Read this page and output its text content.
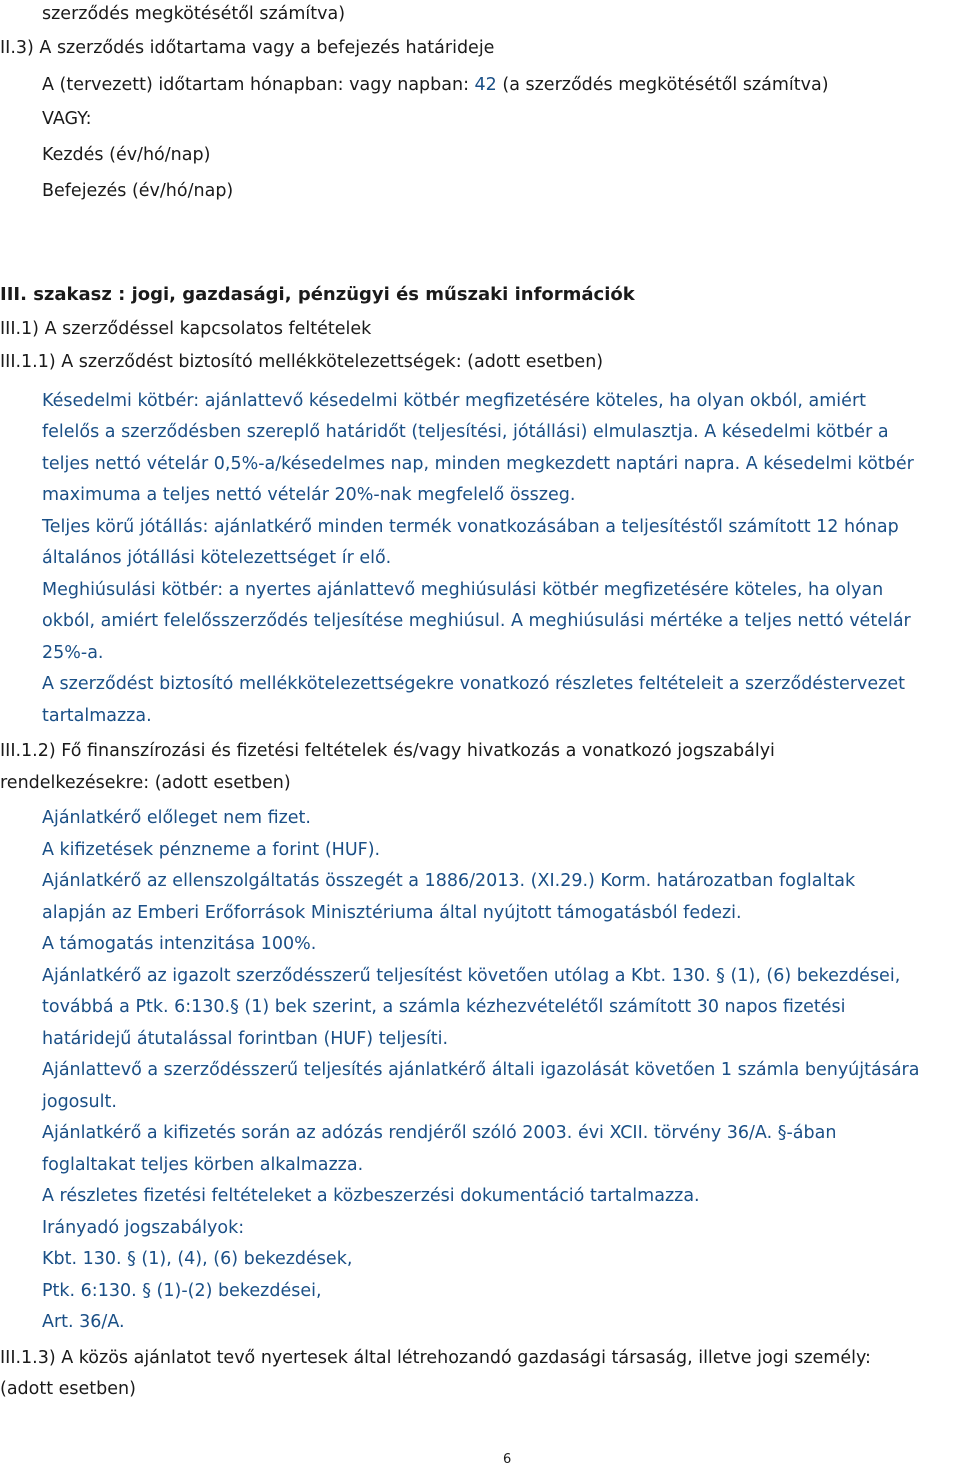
szerződés megkötésétől számítva)
II.3) A szerződés időtartama vagy a befejezés határideje
A (tervezett) időtartam hónapban: vagy napban: 42 (a szerződés megkötésétől számítva)
VAGY:
Kezdés (év/hó/nap)
Befejezés (év/hó/nap)
III. szakasz : jogi, gazdasági, pénzügyi és műszaki információk
III.1) A szerződéssel kapcsolatos feltételek
III.1.1) A szerződést biztosító mellékkötelezettségek: (adott esetben)
Késedelmi kötbér: ajánlattevő késedelmi kötbér megfizetésére köteles, ha olyan okból, amiért
felelős a szerződésben szereplő határidőt (teljesítési, jótállási) elmulasztja. A késedelmi kötbér a
teljes nettó vételár 0,5%-a/késedelmes nap, minden megkezdett naptári napra. A késedelmi kötbér
maximuma a teljes nettó vételár 20%-nak megfelelő összeg.
Teljes körű jótállás: ajánlatkérő minden termék vonatkozásában a teljesítéstől számított 12 hónap
általános jótállási kötelezettséget ír elő.
Meghiúsulási kötbér: a nyertes ajánlattevő meghiúsulási kötbér megfizetésére köteles, ha olyan
okból, amiért felelősszerződés teljesítése meghiúsul. A meghiúsulási mértéke a teljes nettó vételár
25%-a.
A szerződést biztosító mellékkötelezettségekre vonatkozó részletes feltételeit a szerződéstervezet
tartalmazza.
III.1.2) Fő finanszírozási és fizetési feltételek és/vagy hivatkozás a vonatkozó jogszabályi
rendelkezésekre: (adott esetben)
Ajánlatkérő előleget nem fizet.
A kifizetések pénzneme a forint (HUF).
Ajánlatkérő az ellenszolgáltatás összegét a 1886/2013. (XI.29.) Korm. határozatban foglaltak
alapján az Emberi Erőforrások Minisztériuma által nyújtott támogatásból fedezi.
A támogatás intenzitása 100%.
Ajánlatkérő az igazolt szerződésszerű teljesítést követően utólag a Kbt. 130. § (1), (6) bekezdései,
továbbá a Ptk. 6:130.§ (1) bek szerint, a számla kézhezvételétől számított 30 napos fizetési
határidejű átutalással forintban (HUF) teljesíti.
Ajánlattevő a szerződésszerű teljesítés ajánlatkérő általi igazolását követően 1 számla benyújtására
jogosult.
Ajánlatkérő a kifizetés során az adózás rendjéről szóló 2003. évi XCII. törvény 36/A. §-ában
foglaltakat teljes körben alkalmazza.
A részletes fizetési feltételeket a közbeszerzési dokumentáció tartalmazza.
Irányadó jogszabályok:
Kbt. 130. § (1), (4), (6) bekezdések,
Ptk. 6:130. § (1)-(2) bekezdései,
Art. 36/A.
III.1.3) A közös ajánlatot tevő nyertesek által létrehozandó gazdasági társaság, illetve jogi személy:
(adott esetben)
6
